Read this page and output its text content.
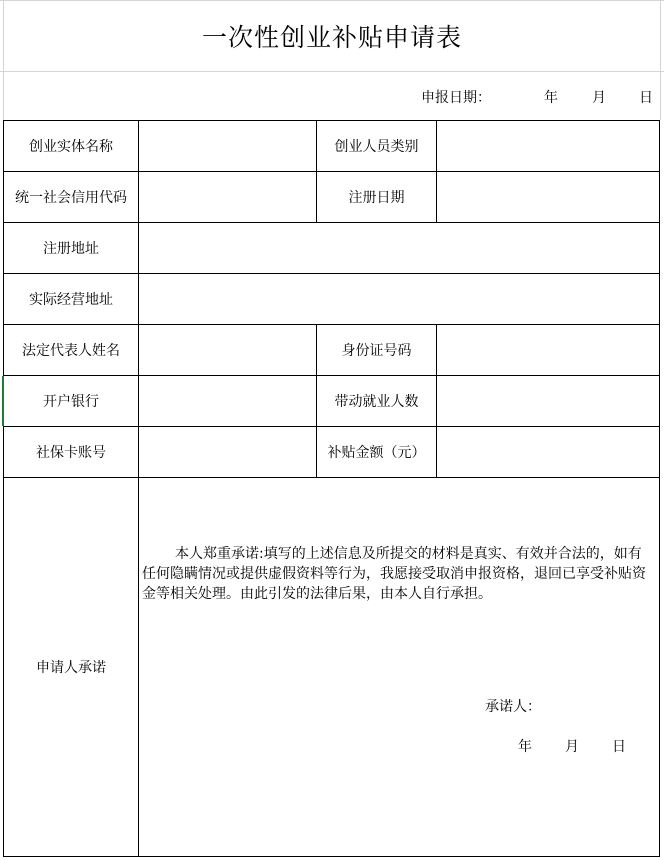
一次性创业补贴申请表
申报日期：	年 月 日
创业实体名称	创业人员类别
统一社会信用代码	注册日期
注册地址
实际经营地址
法定代表人姓名	身份证号码
开户银行	带动就业人数
社保卡账号	补贴金额（元）
申请人承诺

本人郑重承诺:填写的上述信息及所提交的材料是真实、有效并合法的，如有任何隐瞒情况或提供虚假资料等行为，我愿接受取消申报资格，退回已享受补贴资金等相关处理。由此引发的法律后果，由本人自行承担。

承诺人：
年 月 日
